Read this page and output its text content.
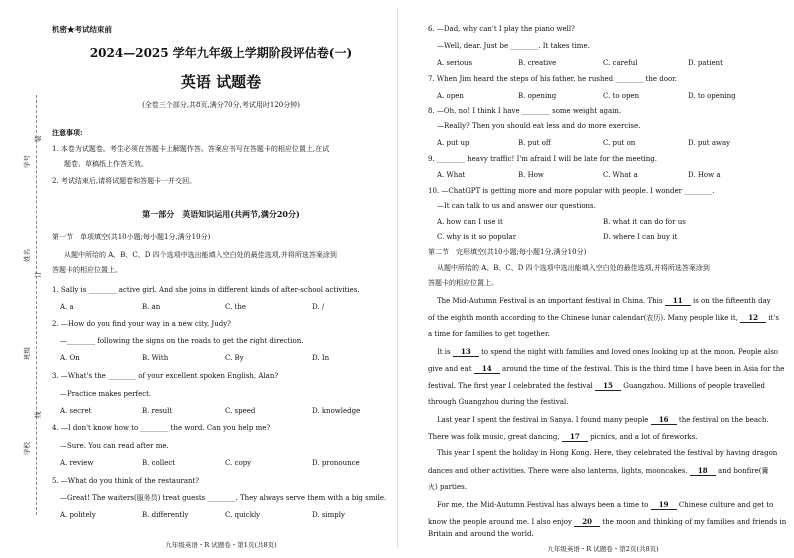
学号
姓名
班级
学校
装
订
线
机密★考试结束前
2024—2025 学年九年级上学期阶段评估卷(一)
英语 试题卷
(全卷三个部分,共8页,满分70分,考试用时120分钟)
注意事项:
1. 本卷为试题卷。考生必须在答题卡上解题作答。答案应书写在答题卡的相应位置上,在试
题卷、草稿纸上作答无效。
2. 考试结束后,请将试题卷和答题卡一并交回。
第一部分　英语知识运用(共两节,满分20分)
第一节　单项填空(共10小题;每小题1分,满分10分)
从题中所给的 A、B、C、D 四个选项中选出能填入空白处的最佳选项,并将所选答案涂到
答题卡的相应位置上。
1. Sally is ________ active girl. And she joins in different kinds of after-school activities.
A. a	B. an	C. the	D. /
2. —How do you find your way in a new city, Judy?
—________ following the signs on the roads to get the right direction.
A. On	B. With	C. By	D. In
3. —What's the ________ of your excellent spoken English, Alan?
—Practice makes perfect.
A. secret	B. result	C. speed	D. knowledge
4. —I don't know how to ________ the word. Can you help me?
—Sure. You can read after me.
A. review	B. collect	C. copy	D. pronounce
5. —What do you think of the restaurant?
—Great! The waiters(服务员) treat guests ________. They always serve them with a big smile.
A. politely	B. differently	C. quickly	D. simply
九年级英语・R 试题卷・第1页(共8页)
6. —Dad, why can't I play the piano well?
—Well, dear. Just be ________. It takes time.
A. serious	B. creative	C. careful	D. patient
7. When Jim heard the steps of his father, he rushed ________ the door.
A. open	B. opening	C. to open	D. to opening
8. —Oh, no! I think I have ________ some weight again.
—Really? Then you should eat less and do more exercise.
A. put up	B. put off	C. put on	D. put away
9. ________ heavy traffic! I'm afraid I will be late for the meeting.
A. What	B. How	C. What a	D. How a
10. —ChatGPT is getting more and more popular with people. I wonder ________.
—It can talk to us and answer our questions.
A. how can I use it	B. what it can do for us
C. why is it so popular	D. where I can buy it
第二节　完形填空(共10小题;每小题1分,满分10分)
从题中所给的 A、B、C、D 四个选项中选出能填入空白处的最佳选项,并将所选答案涂到
答题卡的相应位置上。
The Mid-Autumn Festival is an important festival in China. This 11 is on the fifteenth day
of the eighth month according to the Chinese lunar calendar(农历). Many people like it, 12 it's
a time for families to get together.
It is 13 to spend the night with families and loved ones looking up at the moon. People also
give and eat 14 around the time of the festival. This is the third time I have been in Asia for the
festival. The first year I celebrated the festival 15 Guangzhou. Millions of people travelled
through Guangzhou during the festival.
Last year I spent the festival in Sanya. I found many people 16 the festival on the beach.
There was folk music, great dancing, 17 picnics, and a lot of fireworks.
This year I spent the holiday in Hong Kong. Here, they celebrated the festival by having dragon
dances and other activities. There were also lanterns, lights, mooncakes, 18 and bonfire(篝
火) parties.
For me, the Mid-Autumn Festival has always been a time to 19 Chinese culture and get to
know the people around me. I also enjoy 20 the moon and thinking of my families and friends in
Britain and around the world.
九年级英语・R 试题卷・第2页(共8页)
